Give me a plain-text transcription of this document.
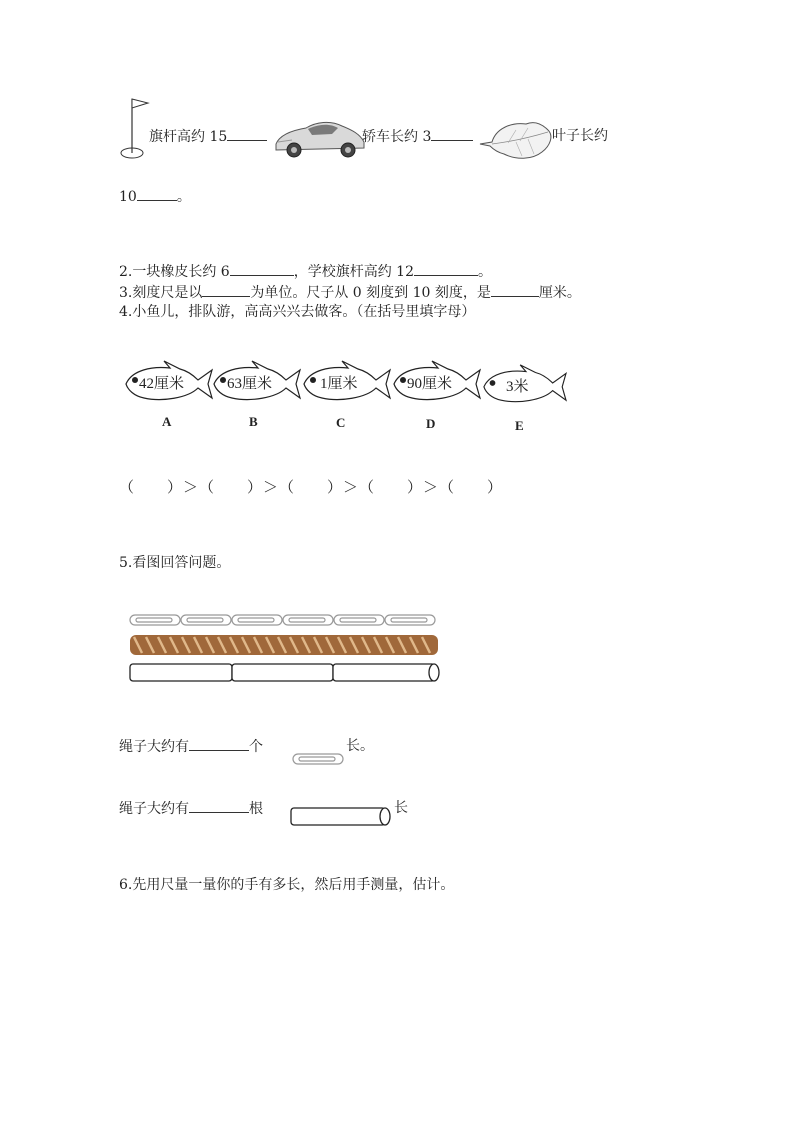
旗杆高约 15	轿车长约 3	叶子长约
10	。
2.一块橡皮长约 6	，学校旗杆高约 12	。
3.刻度尺是以	为单位。尺子从 0 刻度到 10 刻度，是	厘米。
4.小鱼儿，排队游，高高兴兴去做客。（在括号里填字母）
42厘米
A
63厘米
B
1厘米
C
90厘米
D
3米
E
（　　）＞（　　）＞（　　）＞（　　）＞（　　）
5.看图回答问题。
绳子大约有	个	长。
绳子大约有	根	长
6.先用尺量一量你的手有多长，然后用手测量，估计。
